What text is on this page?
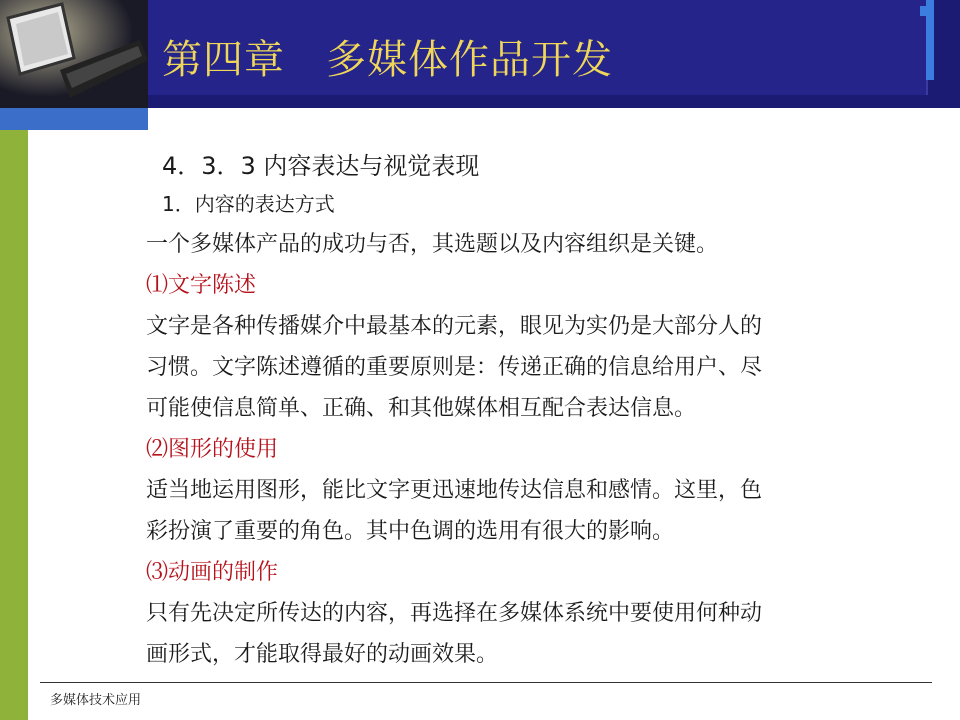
第四章　多媒体作品开发
4．3．3 内容表达与视觉表现
1．内容的表达方式
一个多媒体产品的成功与否，其选题以及内容组织是关键。
⑴文字陈述
文字是各种传播媒介中最基本的元素，眼见为实仍是大部分人的
习惯。文字陈述遵循的重要原则是：传递正确的信息给用户、尽
可能使信息简单、正确、和其他媒体相互配合表达信息。
⑵图形的使用
适当地运用图形，能比文字更迅速地传达信息和感情。这里，色
彩扮演了重要的角色。其中色调的选用有很大的影响。
⑶动画的制作
只有先决定所传达的内容，再选择在多媒体系统中要使用何种动
画形式，才能取得最好的动画效果。
多媒体技术应用
